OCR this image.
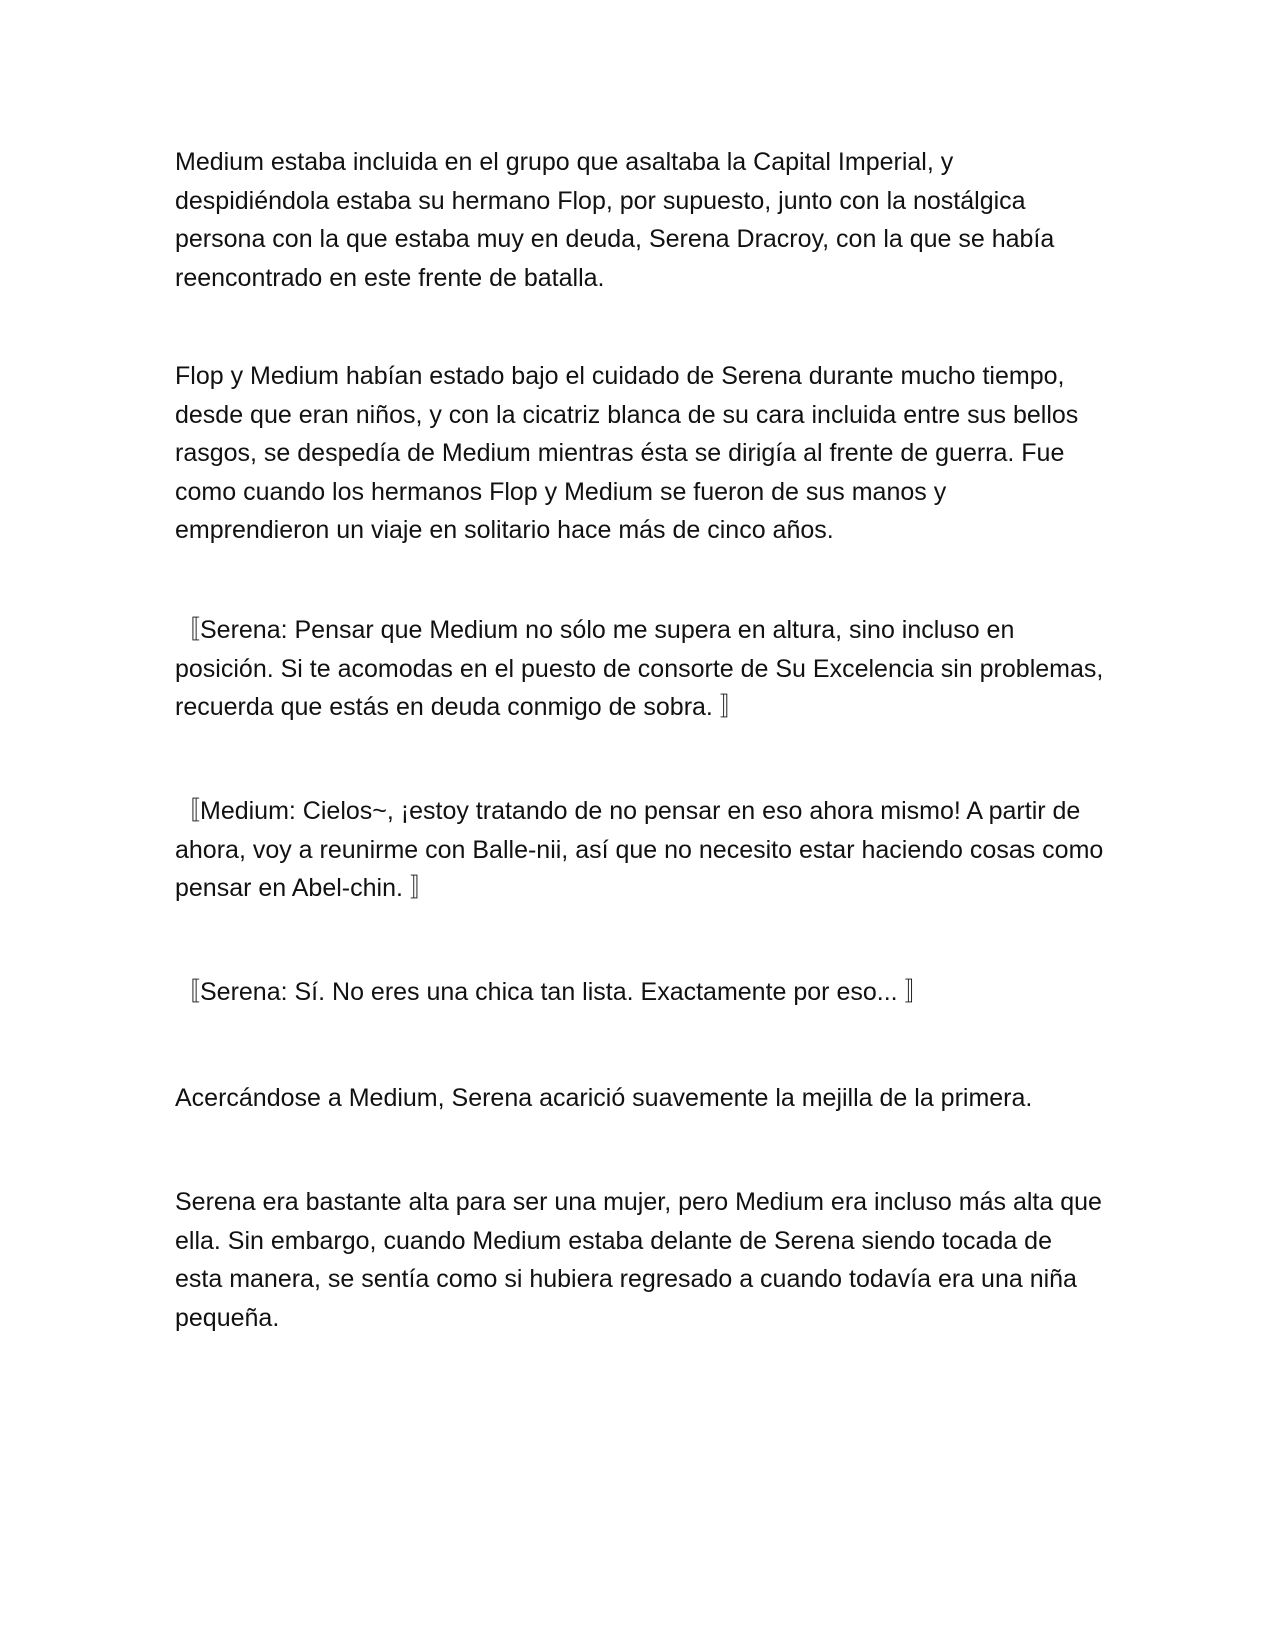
Medium estaba incluida en el grupo que asaltaba la Capital Imperial, y despidiéndola estaba su hermano Flop, por supuesto, junto con la nostálgica persona con la que estaba muy en deuda, Serena Dracroy, con la que se había reencontrado en este frente de batalla.

Flop y Medium habían estado bajo el cuidado de Serena durante mucho tiempo, desde que eran niños, y con la cicatriz blanca de su cara incluida entre sus bellos rasgos, se despedía de Medium mientras ésta se dirigía al frente de guerra. Fue como cuando los hermanos Flop y Medium se fueron de sus manos y emprendieron un viaje en solitario hace más de cinco años.

〚Serena: Pensar que Medium no sólo me supera en altura, sino incluso en posición. Si te acomodas en el puesto de consorte de Su Excelencia sin problemas, recuerda que estás en deuda conmigo de sobra. 〛

〚Medium: Cielos~, ¡estoy tratando de no pensar en eso ahora mismo! A partir de ahora, voy a reunirme con Balle-nii, así que no necesito estar haciendo cosas como pensar en Abel-chin. 〛

〚Serena: Sí. No eres una chica tan lista. Exactamente por eso... 〛

Acercándose a Medium, Serena acarició suavemente la mejilla de la primera.

Serena era bastante alta para ser una mujer, pero Medium era incluso más alta que ella. Sin embargo, cuando Medium estaba delante de Serena siendo tocada de esta manera, se sentía como si hubiera regresado a cuando todavía era una niña pequeña.
